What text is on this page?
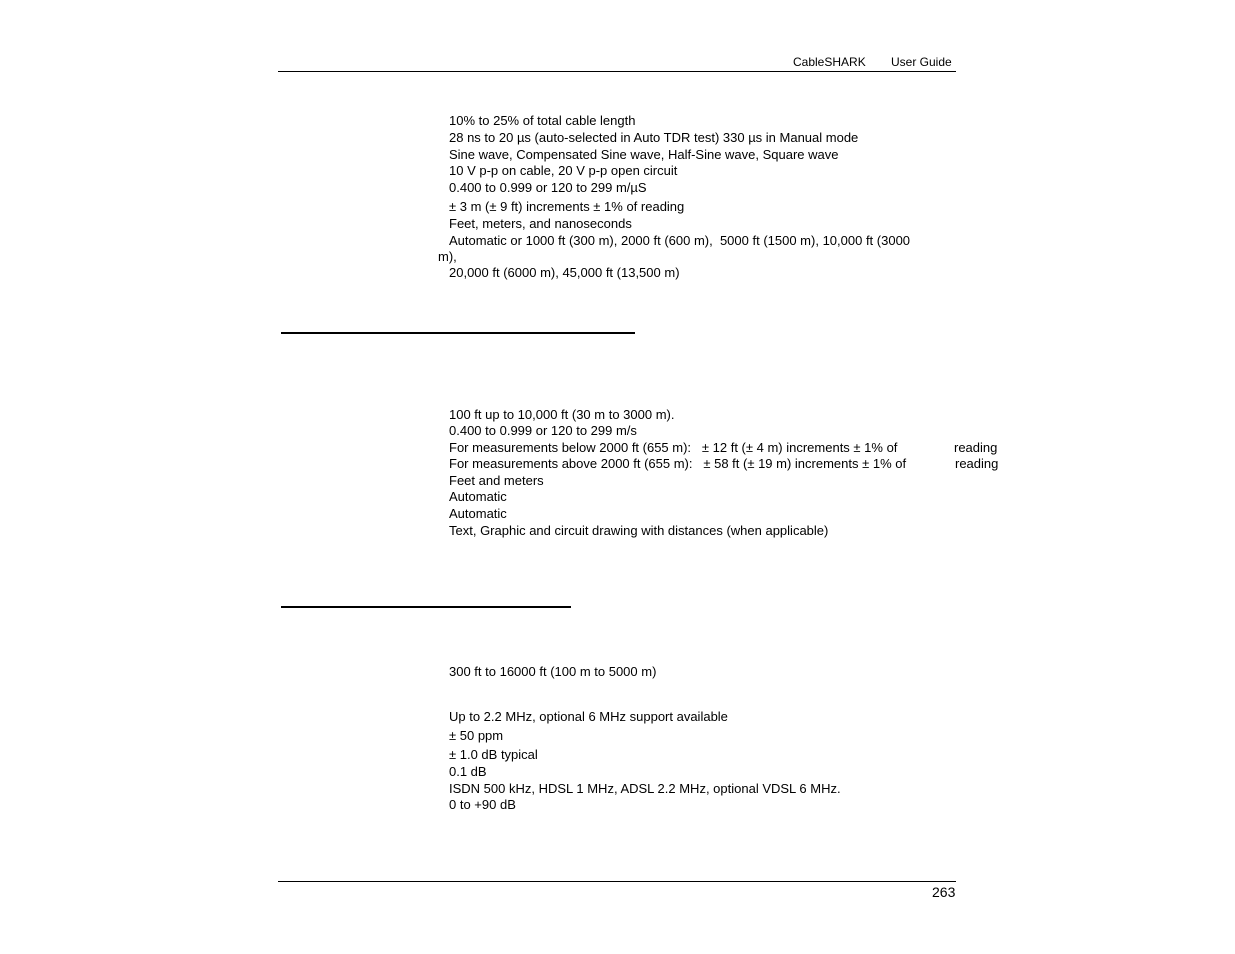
CableSHARK User Guide
10% to 25% of total cable length
28 ns to 20 µs (auto-selected in Auto TDR test) 330 µs in Manual mode
Sine wave, Compensated Sine wave, Half-Sine wave, Square wave
10 V p-p on cable, 20 V p-p open circuit
0.400 to 0.999 or 120 to 299 m/µS
± 3 m (± 9 ft) increments ± 1% of reading
Feet, meters, and nanoseconds
Automatic or 1000 ft (300 m), 2000 ft (600 m),  5000 ft (1500 m), 10,000 ft (3000
m),
20,000 ft (6000 m), 45,000 ft (13,500 m)
100 ft up to 10,000 ft (30 m to 3000 m).
0.400 to 0.999 or 120 to 299 m/s
For measurements below 2000 ft (655 m):   ± 12 ft (± 4 m) increments ± 1% of	reading
For measurements above 2000 ft (655 m):   ± 58 ft (± 19 m) increments ± 1% of	reading
Feet and meters
Automatic
Automatic
Text, Graphic and circuit drawing with distances (when applicable)
300 ft to 16000 ft (100 m to 5000 m)
Up to 2.2 MHz, optional 6 MHz support available
± 50 ppm
± 1.0 dB typical
0.1 dB
ISDN 500 kHz, HDSL 1 MHz, ADSL 2.2 MHz, optional VDSL 6 MHz.
0 to +90 dB
263
